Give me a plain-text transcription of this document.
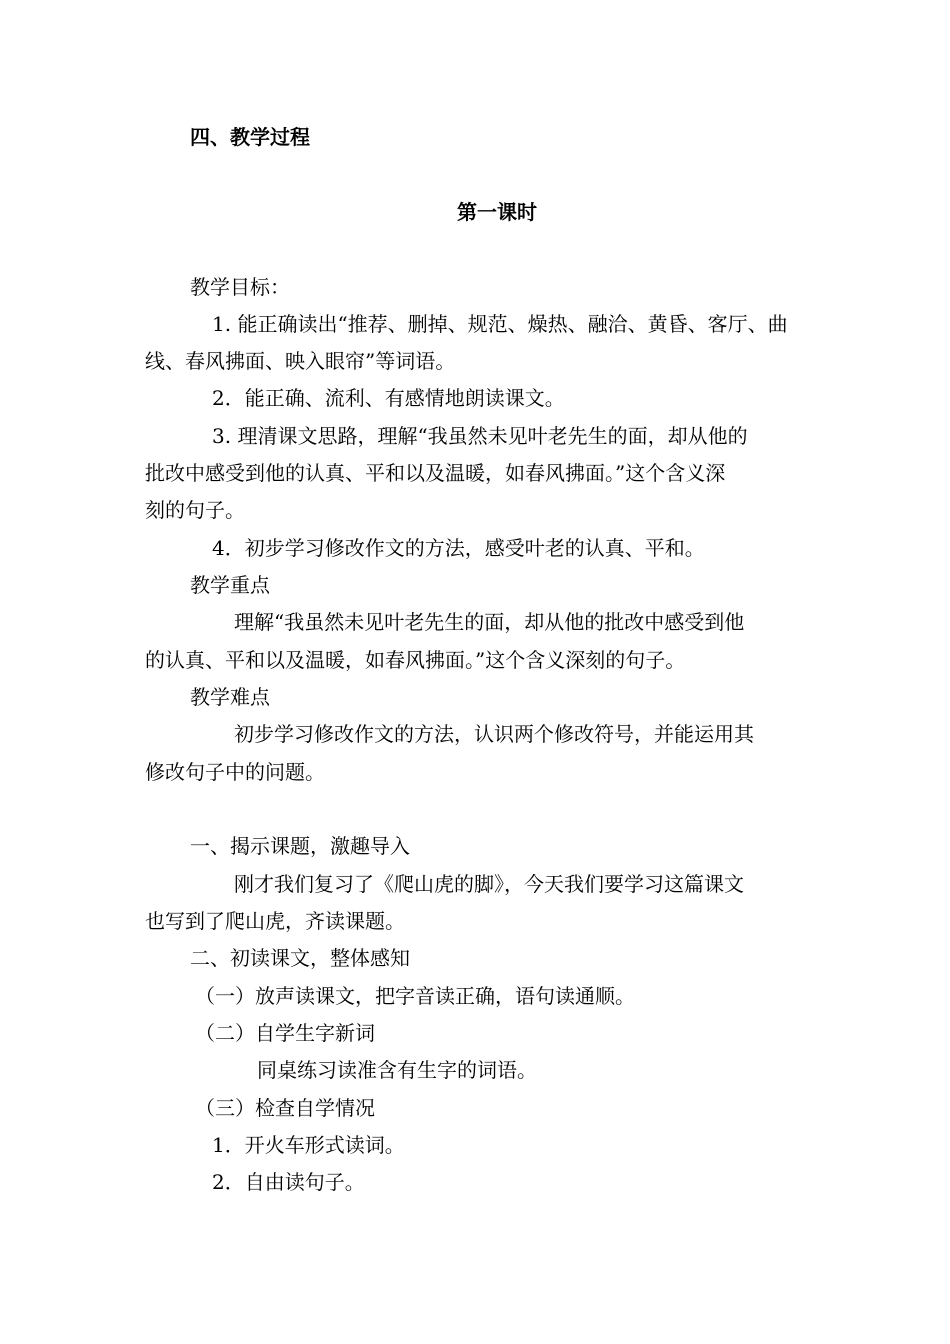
四、教学过程
第一课时
教学目标：
1. 能正确读出“推荐、删掉、规范、燥热、融洽、黄昏、客厅、曲
线、春风拂面、映入眼帘”等词语。
2．能正确、流利、有感情地朗读课文。
3. 理清课文思路，理解“我虽然未见叶老先生的面，却从他的
批改中感受到他的认真、平和以及温暖，如春风拂面。”这个含义深
刻的句子。
4．初步学习修改作文的方法，感受叶老的认真、平和。
教学重点
理解“我虽然未见叶老先生的面，却从他的批改中感受到他
的认真、平和以及温暖，如春风拂面。”这个含义深刻的句子。
教学难点
初步学习修改作文的方法，认识两个修改符号，并能运用其
修改句子中的问题。
一、揭示课题，激趣导入
刚才我们复习了《爬山虎的脚》，今天我们要学习这篇课文
也写到了爬山虎，齐读课题。
二、初读课文，整体感知
（一）放声读课文，把字音读正确，语句读通顺。
（二）自学生字新词
同桌练习读准含有生字的词语。
（三）检查自学情况
1．开火车形式读词。
2．自由读句子。
